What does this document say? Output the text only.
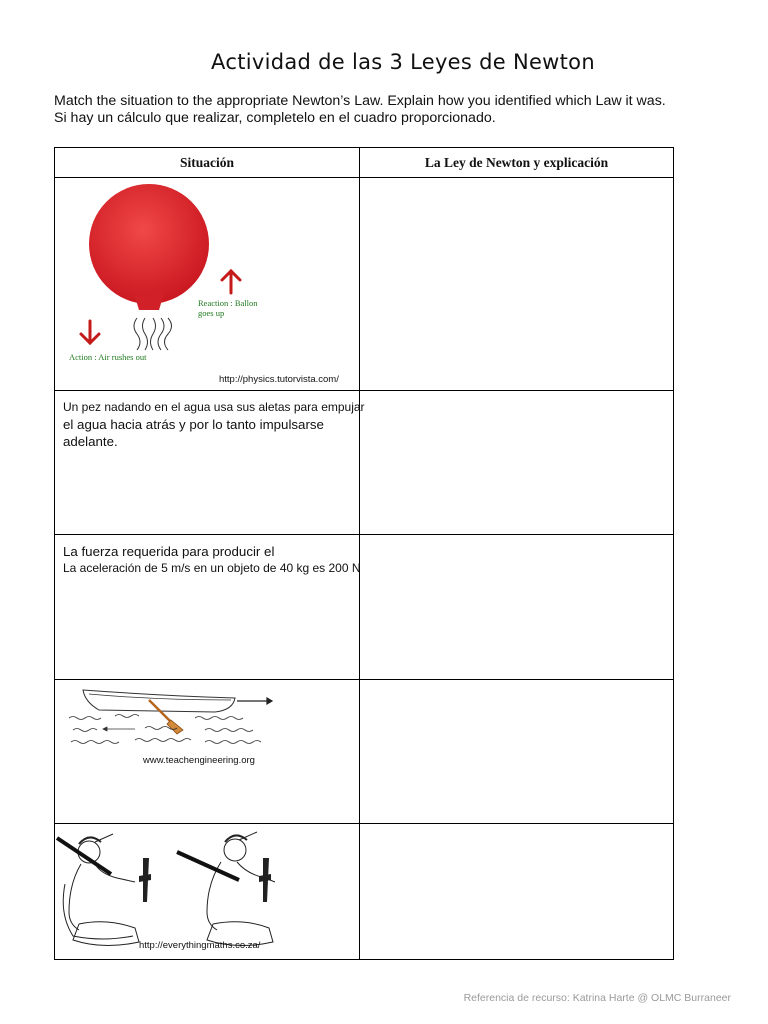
Actividad de las 3 Leyes de Newton
Match the situation to the appropriate Newton’s Law. Explain how you identified which Law it was.
Si hay un cálculo que realizar, completelo en el cuadro proporcionado.
Situación	La Ley de Newton y explicación

Reaction : Ballon
goes up
Action : Air rushes out
http://physics.tutorvista.com/	

Un pez nadando en el agua usa sus aletas para empujar
el agua hacia atrás y por lo tanto impulsarse
adelante.	

La fuerza requerida para producir el
La aceleración de 5 m/s en un objeto de 40 kg es 200 N	

www.teachengineering.org	

http://everythingmaths.co.za/	

Referencia de recurso: Katrina Harte @ OLMC Burraneer
